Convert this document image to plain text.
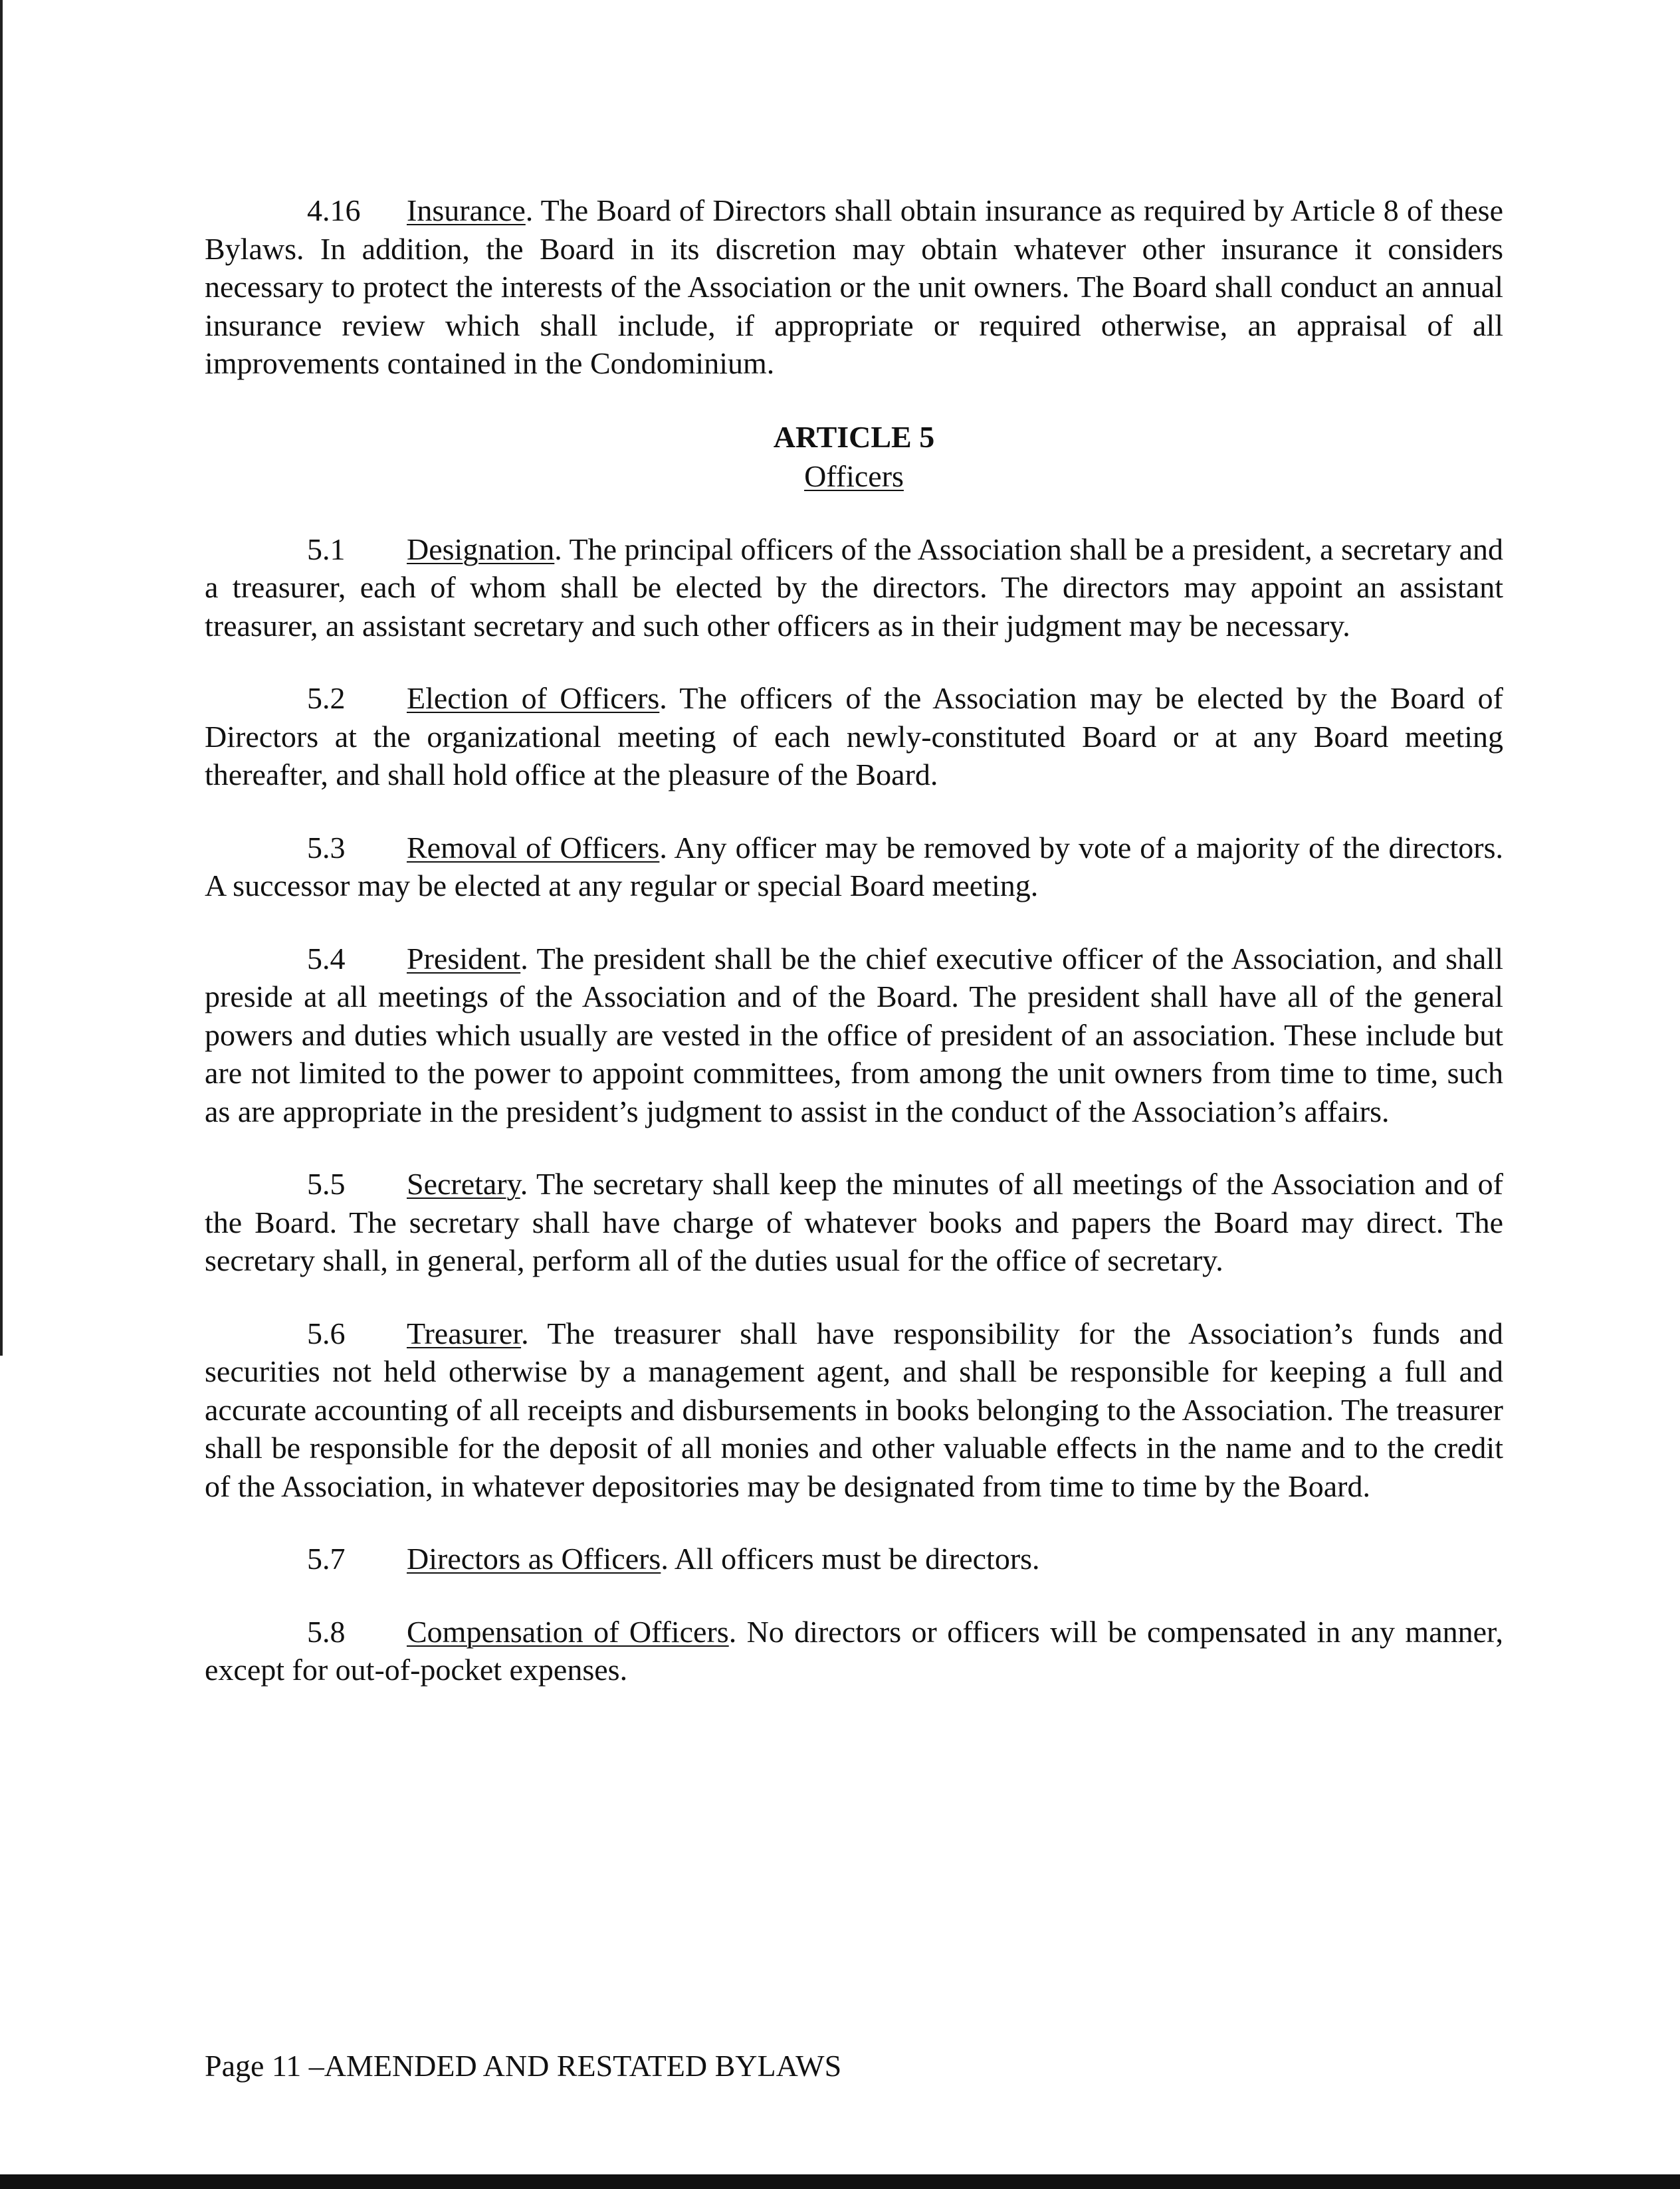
4.16 Insurance. The Board of Directors shall obtain insurance as required by Article 8 of these Bylaws. In addition, the Board in its discretion may obtain whatever other insurance it considers necessary to protect the interests of the Association or the unit owners. The Board shall conduct an annual insurance review which shall include, if appropriate or required otherwise, an appraisal of all improvements contained in the Condominium.

ARTICLE 5
Officers

5.1 Designation. The principal officers of the Association shall be a president, a secretary and a treasurer, each of whom shall be elected by the directors. The directors may appoint an assistant treasurer, an assistant secretary and such other officers as in their judgment may be necessary.

5.2 Election of Officers. The officers of the Association may be elected by the Board of Directors at the organizational meeting of each newly-constituted Board or at any Board meeting thereafter, and shall hold office at the pleasure of the Board.

5.3 Removal of Officers. Any officer may be removed by vote of a majority of the directors. A successor may be elected at any regular or special Board meeting.

5.4 President. The president shall be the chief executive officer of the Association, and shall preside at all meetings of the Association and of the Board. The president shall have all of the general powers and duties which usually are vested in the office of president of an association. These include but are not limited to the power to appoint committees, from among the unit owners from time to time, such as are appropriate in the president’s judgment to assist in the conduct of the Association’s affairs.

5.5 Secretary. The secretary shall keep the minutes of all meetings of the Association and of the Board. The secretary shall have charge of whatever books and papers the Board may direct. The secretary shall, in general, perform all of the duties usual for the office of secretary.

5.6 Treasurer. The treasurer shall have responsibility for the Association’s funds and securities not held otherwise by a management agent, and shall be responsible for keeping a full and accurate accounting of all receipts and disbursements in books belonging to the Association. The treasurer shall be responsible for the deposit of all monies and other valuable effects in the name and to the credit of the Association, in whatever depositories may be designated from time to time by the Board.

5.7 Directors as Officers. All officers must be directors.

5.8 Compensation of Officers. No directors or officers will be compensated in any manner, except for out-of-pocket expenses.

Page 11 –AMENDED AND RESTATED BYLAWS
